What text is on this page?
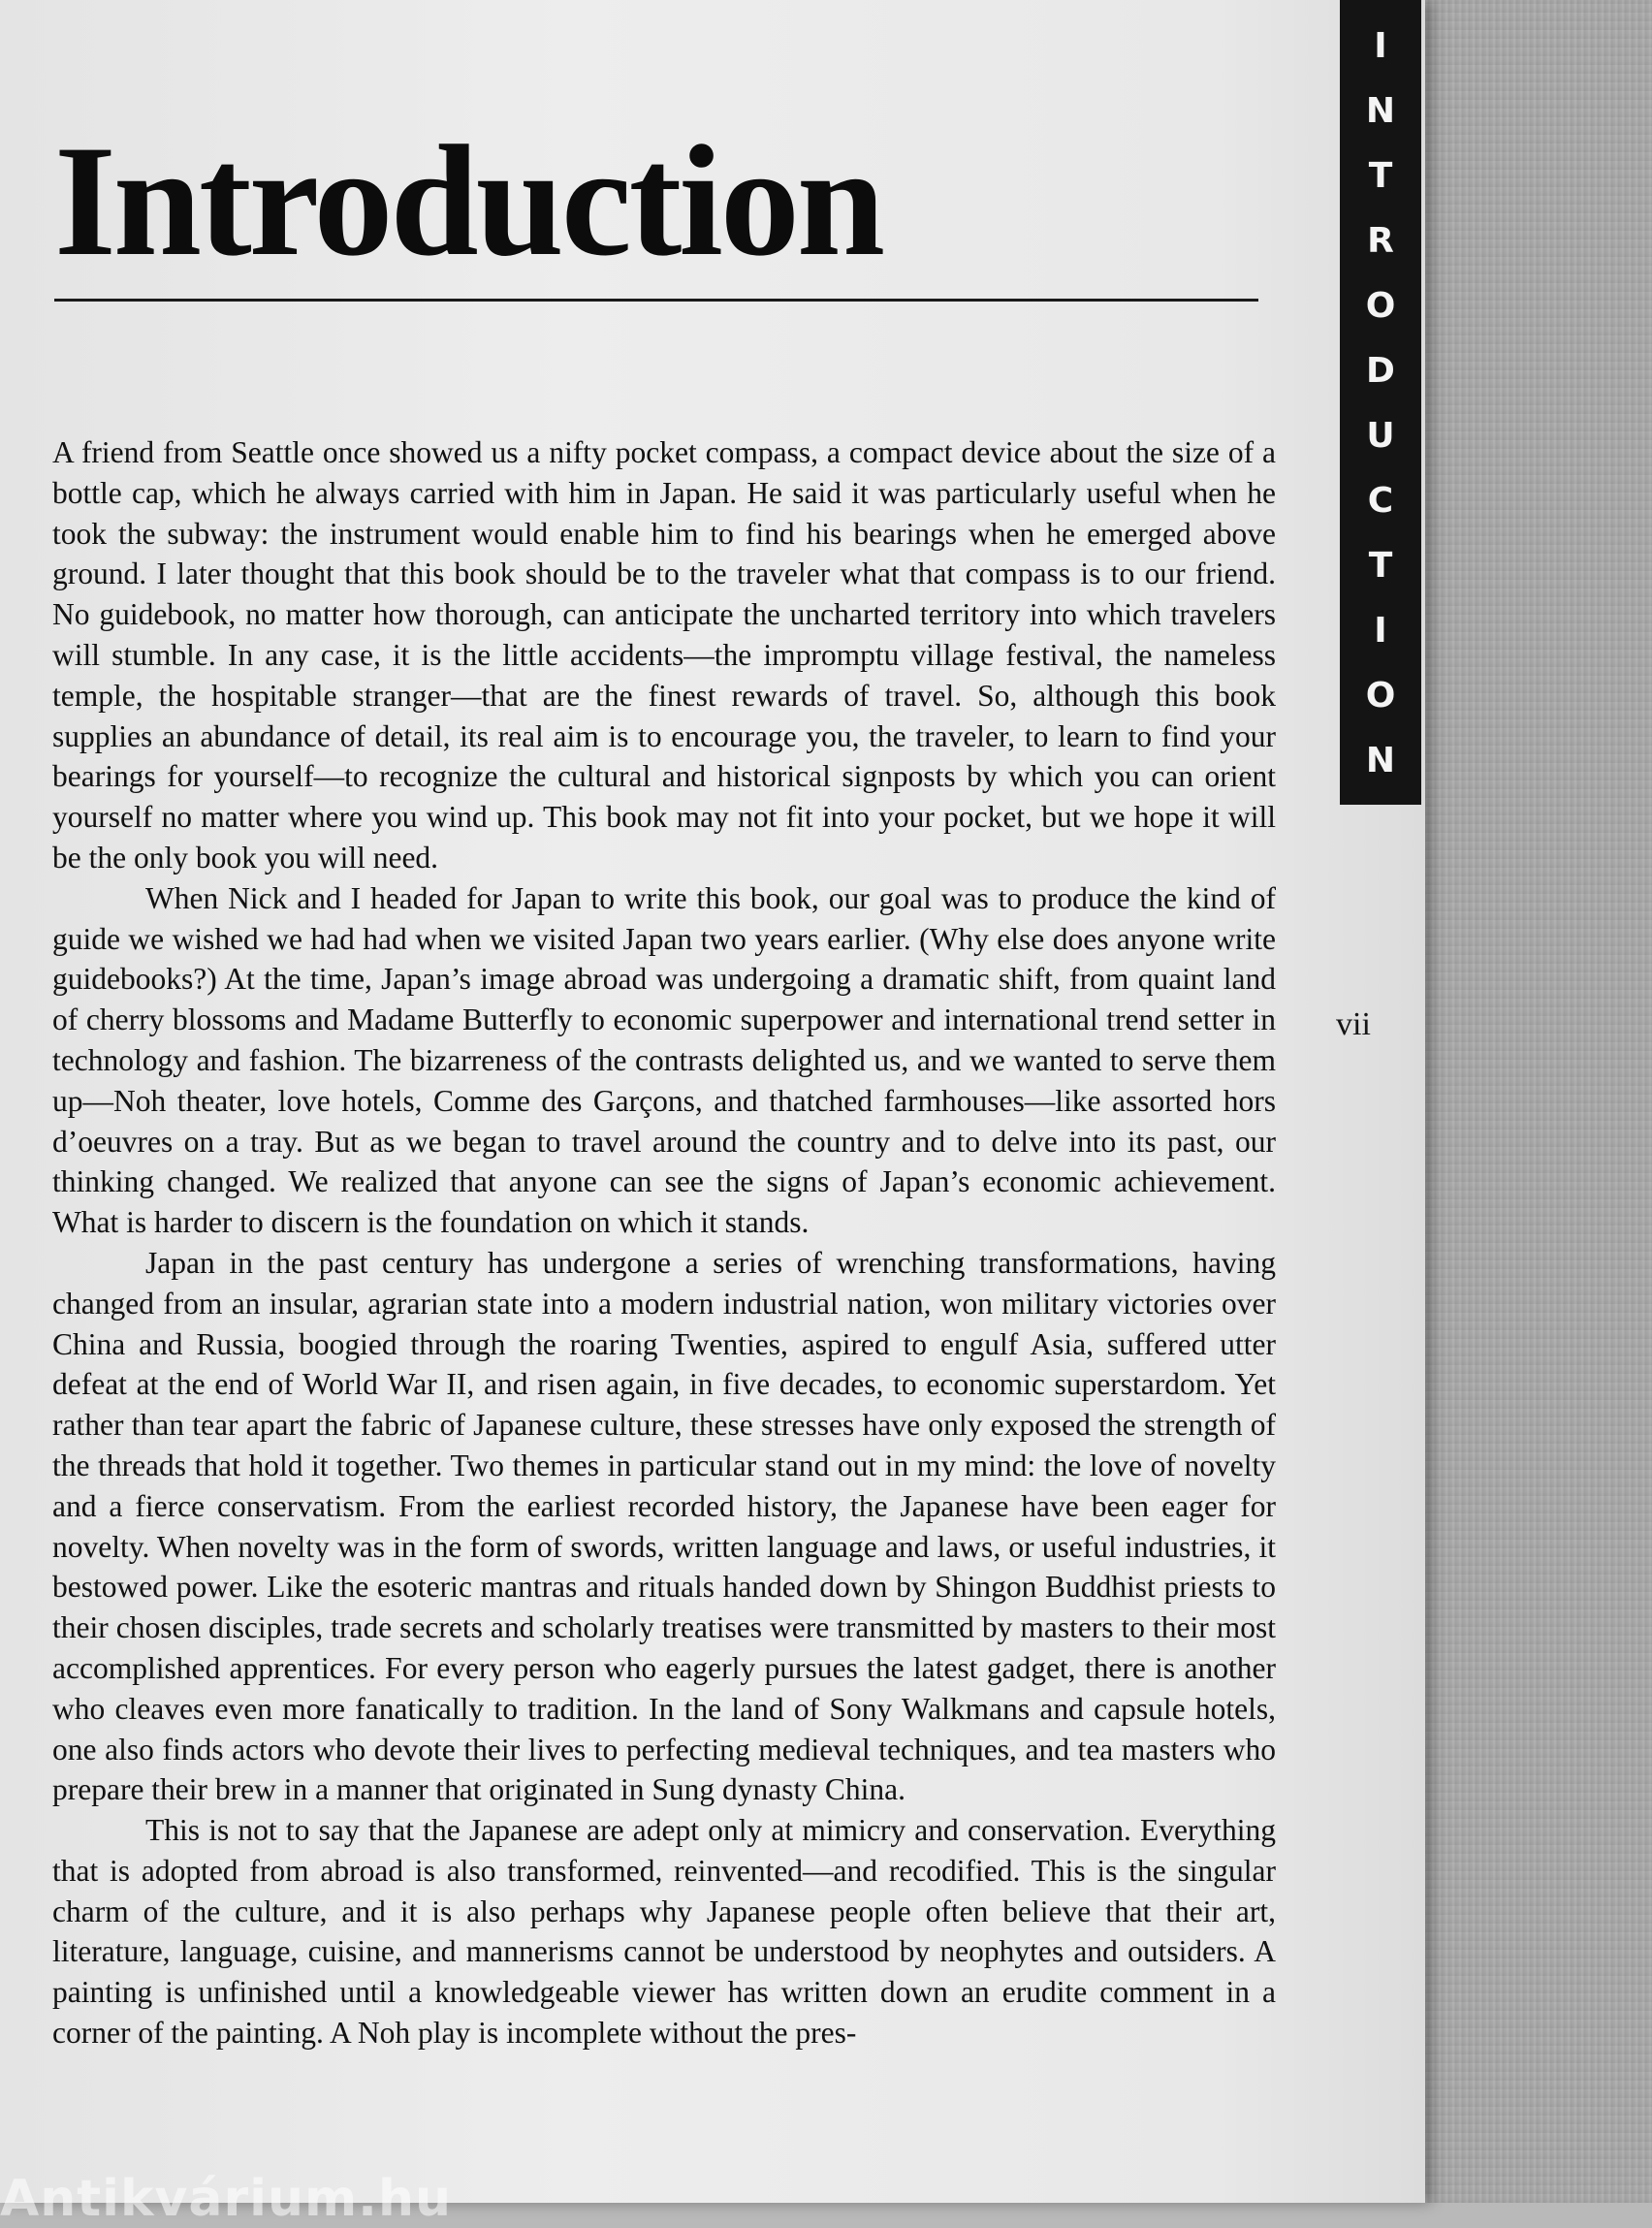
Introduction

A friend from Seattle once showed us a nifty pocket compass, a compact device about the size of a bottle cap, which he always carried with him in Japan. He said it was particularly useful when he took the subway: the instrument would enable him to find his bearings when he emerged above ground. I later thought that this book should be to the traveler what that compass is to our friend. No guidebook, no matter how thorough, can anticipate the uncharted territory into which travelers will stumble. In any case, it is the little accidents—the impromptu village festival, the nameless temple, the hospitable stranger—that are the finest rewards of travel. So, although this book supplies an abundance of detail, its real aim is to encourage you, the traveler, to learn to find your bearings for yourself—to recognize the cultural and historical signposts by which you can orient yourself no matter where you wind up. This book may not fit into your pocket, but we hope it will be the only book you will need.

When Nick and I headed for Japan to write this book, our goal was to produce the kind of guide we wished we had had when we visited Japan two years earlier. (Why else does anyone write guidebooks?) At the time, Japan’s image abroad was undergoing a dramatic shift, from quaint land of cherry blossoms and Madame Butterfly to economic superpower and international trend setter in technology and fashion. The bizarreness of the contrasts delighted us, and we wanted to serve them up—Noh theater, love hotels, Comme des Garçons, and thatched farmhouses—like assorted hors d’oeuvres on a tray. But as we began to travel around the country and to delve into its past, our thinking changed. We realized that anyone can see the signs of Japan’s economic achievement. What is harder to discern is the foundation on which it stands.

Japan in the past century has undergone a series of wrenching transformations, having changed from an insular, agrarian state into a modern industrial nation, won military victories over China and Russia, boogied through the roaring Twenties, aspired to engulf Asia, suffered utter defeat at the end of World War II, and risen again, in five decades, to economic superstardom. Yet rather than tear apart the fabric of Japanese culture, these stresses have only exposed the strength of the threads that hold it together. Two themes in particular stand out in my mind: the love of novelty and a fierce conservatism. From the earliest recorded history, the Japanese have been eager for novelty. When novelty was in the form of swords, written language and laws, or useful industries, it bestowed power. Like the esoteric mantras and rituals handed down by Shingon Buddhist priests to their chosen disciples, trade secrets and scholarly treatises were transmitted by masters to their most accomplished apprentices. For every person who eagerly pursues the latest gadget, there is another who cleaves even more fanatically to tradition. In the land of Sony Walkmans and capsule hotels, one also finds actors who devote their lives to perfecting medieval techniques, and tea masters who prepare their brew in a manner that originated in Sung dynasty China.

This is not to say that the Japanese are adept only at mimicry and conservation. Everything that is adopted from abroad is also transformed, reinvented—and recodified. This is the singular charm of the culture, and it is also perhaps why Japanese people often believe that their art, literature, language, cuisine, and mannerisms cannot be understood by neophytes and outsiders. A painting is unfinished until a knowledgeable viewer has written down an erudite comment in a corner of the painting. A Noh play is incomplete without the pres-

I
N
T
R
O
D
U
C
T
I
O
N
vii
Antikvárium.hu
